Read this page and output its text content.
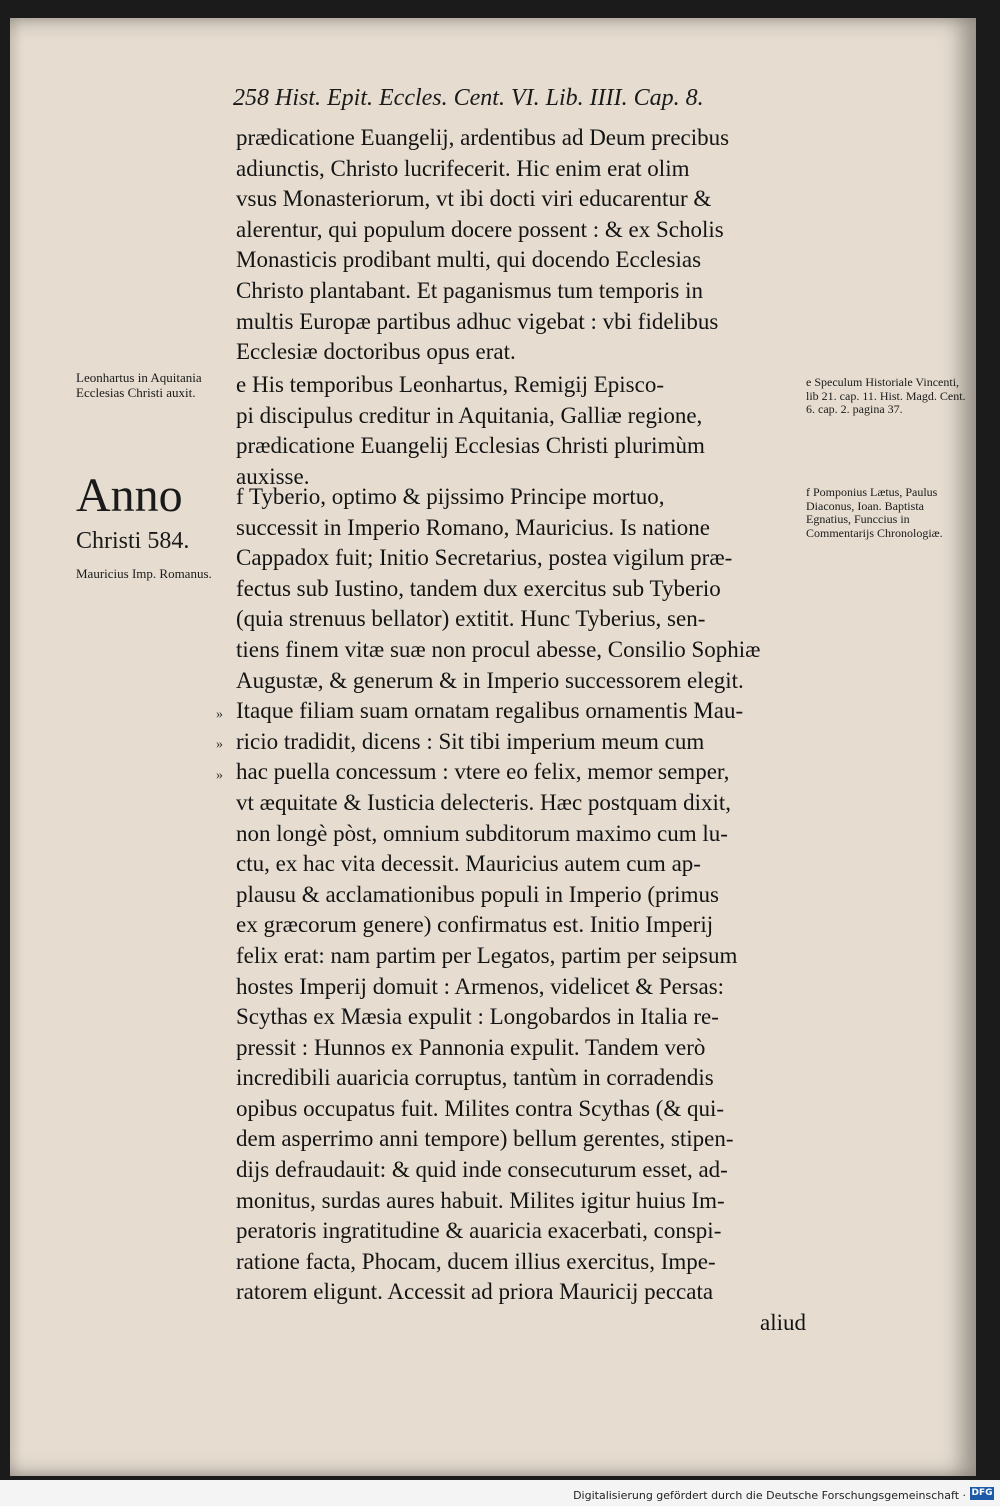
258 Hist. Epit. Eccles. Cent. VI. Lib. IIII. Cap. 8.
prædicatione Euangelij, ardentibus ad Deum precibus
adiunctis, Christo lucrifecerit. Hic enim erat olim
vsus Monasteriorum, vt ibi docti viri educarentur &
alerentur, qui populum docere possent : & ex Scholis
Monasticis prodibant multi, qui docendo Ecclesias
Christo plantabant. Et paganismus tum temporis in
multis Europæ partibus adhuc vigebat : vbi fidelibus
Ecclesiæ doctoribus opus erat.
e His temporibus Leonhartus, Remigij Episco-
pi discipulus creditur in Aquitania, Galliæ regione,
prædicatione Euangelij Ecclesias Christi plurimùm
auxisse.
f Tyberio, optimo & pijssimo Principe mortuo,
successit in Imperio Romano, Mauricius. Is natione
Cappadox fuit; Initio Secretarius, postea vigilum præ-
fectus sub Iustino, tandem dux exercitus sub Tyberio
(quia strenuus bellator) extitit. Hunc Tyberius, sen-
tiens finem vitæ suæ non procul abesse, Consilio Sophiæ
Augustæ, & generum & in Imperio successorem elegit.
Itaque filiam suam ornatam regalibus ornamentis Mau-
ricio tradidit, dicens : Sit tibi imperium meum cum
hac puella concessum : vtere eo felix, memor semper,
vt æquitate & Iusticia delecteris. Hæc postquam dixit,
non longè pòst, omnium subditorum maximo cum lu-
ctu, ex hac vita decessit. Mauricius autem cum ap-
plausu & acclamationibus populi in Imperio (primus
ex græcorum genere) confirmatus est. Initio Imperij
felix erat: nam partim per Legatos, partim per seipsum
hostes Imperij domuit : Armenos, videlicet & Persas:
Scythas ex Mæsia expulit : Longobardos in Italia re-
pressit : Hunnos ex Pannonia expulit. Tandem verò
incredibili auaricia corruptus, tantùm in corradendis
opibus occupatus fuit. Milites contra Scythas (& qui-
dem asperrimo anni tempore) bellum gerentes, stipen-
dijs defraudauit: & quid inde consecuturum esset, ad-
monitus, surdas aures habuit. Milites igitur huius Im-
peratoris ingratitudine & auaricia exacerbati, conspi-
ratione facta, Phocam, ducem illius exercitus, Impe-
ratorem eligunt. Accessit ad priora Mauricij peccata
aliud
»
»
»
Leonhartus in Aquitania Ecclesias Christi auxit.
Anno
Christi 584.
Mauricius Imp. Romanus.
e Speculum Historiale Vincenti, lib 21. cap. 11. Hist. Magd. Cent. 6. cap. 2. pagina 37.
f Pomponius Lætus, Paulus Diaconus, Ioan. Baptista Egnatius, Funccius in Commentarijs Chronologiæ.
Digitalisierung gefördert durch die Deutsche Forschungsgemeinschaft · DFG
